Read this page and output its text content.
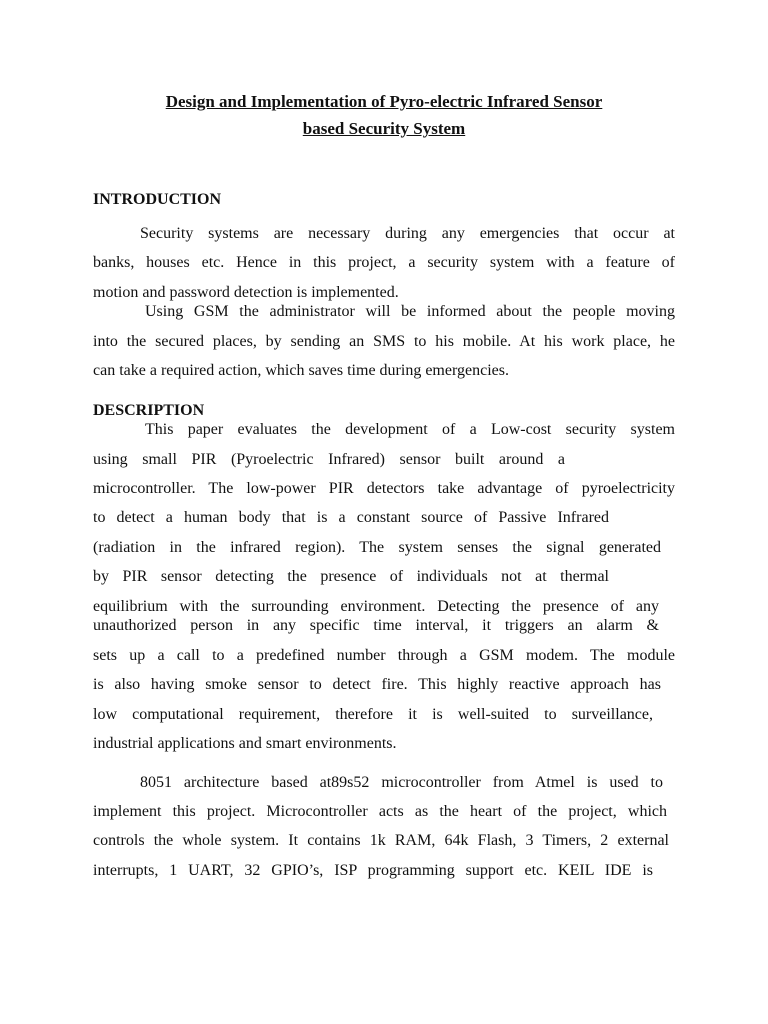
Design and Implementation of Pyro-electric Infrared Sensor
based Security System
INTRODUCTION
Security systems are necessary during any emergencies that occur at
banks, houses etc. Hence in this project, a security system with a feature of
motion and password detection is implemented.
Using GSM the administrator will be informed about the people moving
into the secured places, by sending an SMS to his mobile. At his work place, he
can take a required action, which saves time during emergencies.
DESCRIPTION
This paper evaluates the development of a Low-cost security system
using small PIR (Pyroelectric Infrared) sensor built around a
microcontroller. The low-power PIR detectors take advantage of pyroelectricity
to detect a human body that is a constant source of Passive Infrared
(radiation in the infrared region). The system senses the signal generated
by PIR sensor detecting the presence of individuals not at thermal
equilibrium with the surrounding environment. Detecting the presence of any
unauthorized person in any specific time interval, it triggers an alarm &
sets up a call to a predefined number through a GSM modem. The module
is also having smoke sensor to detect fire. This highly reactive approach has
low computational requirement, therefore it is well-suited to surveillance,
industrial applications and smart environments.
8051 architecture based at89s52 microcontroller from Atmel is used to
implement this project. Microcontroller acts as the heart of the project, which
controls the whole system. It contains 1k RAM, 64k Flash, 3 Timers, 2 external
interrupts, 1 UART, 32 GPIO’s, ISP programming support etc. KEIL IDE is
